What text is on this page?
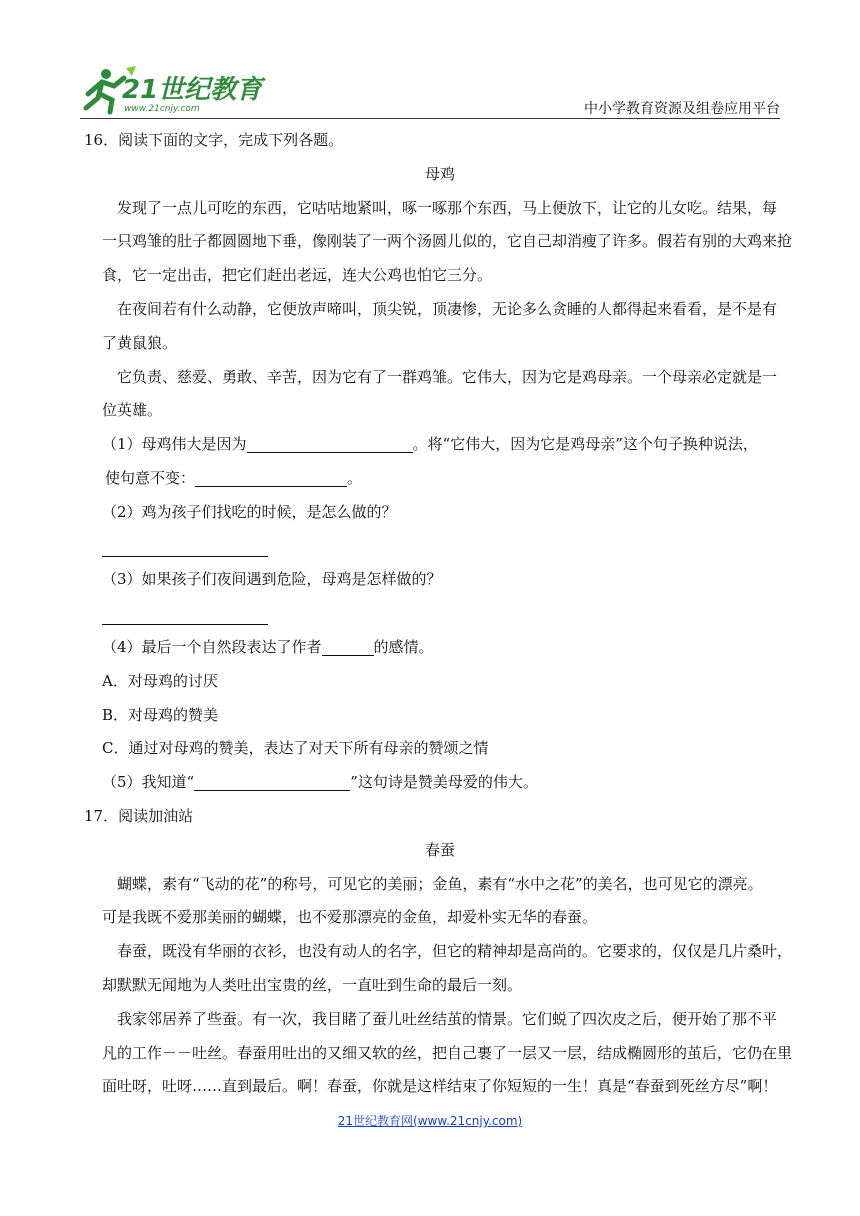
21世纪教育
www.21cnjy.com	中小学教育资源及组卷应用平台
16．阅读下面的文字，完成下列各题。
母鸡
发现了一点儿可吃的东西，它咕咕地紧叫，啄一啄那个东西，马上便放下，让它的儿女吃。结果，每
一只鸡雏的肚子都圆圆地下垂，像刚装了一两个汤圆儿似的，它自己却消瘦了许多。假若有别的大鸡来抢
食，它一定出击，把它们赶出老远，连大公鸡也怕它三分。
在夜间若有什么动静，它便放声啼叫，顶尖锐，顶凄惨，无论多么贪睡的人都得起来看看，是不是有
了黄鼠狼。
它负责、慈爱、勇敢、辛苦，因为它有了一群鸡雏。它伟大，因为它是鸡母亲。一个母亲必定就是一
位英雄。
（1）母鸡伟大是因为	。将“它伟大，因为它是鸡母亲”这个句子换种说法，
使句意不变：	。
（2）鸡为孩子们找吃的时候，是怎么做的？
（3）如果孩子们夜间遇到危险，母鸡是怎样做的？
（4）最后一个自然段表达了作者	的感情。
A．对母鸡的讨厌
B．对母鸡的赞美
C．通过对母鸡的赞美，表达了对天下所有母亲的赞颂之情
（5）我知道“	”这句诗是赞美母爱的伟大。
17．阅读加油站
春蚕
蝴蝶，素有“飞动的花”的称号，可见它的美丽；金鱼，素有“水中之花”的美名，也可见它的漂亮。
可是我既不爱那美丽的蝴蝶，也不爱那漂亮的金鱼，却爱朴实无华的春蚕。
春蚕，既没有华丽的衣衫，也没有动人的名字，但它的精神却是高尚的。它要求的，仅仅是几片桑叶，
却默默无闻地为人类吐出宝贵的丝，一直吐到生命的最后一刻。
我家邻居养了些蚕。有一次，我目睹了蚕儿吐丝结茧的情景。它们蜕了四次皮之后，便开始了那不平
凡的工作－－吐丝。春蚕用吐出的又细又软的丝，把自己裹了一层又一层，结成椭圆形的茧后，它仍在里
面吐呀，吐呀……直到最后。啊！春蚕，你就是这样结束了你短短的一生！真是“春蚕到死丝方尽”啊！
21世纪教育网(www.21cnjy.com)
